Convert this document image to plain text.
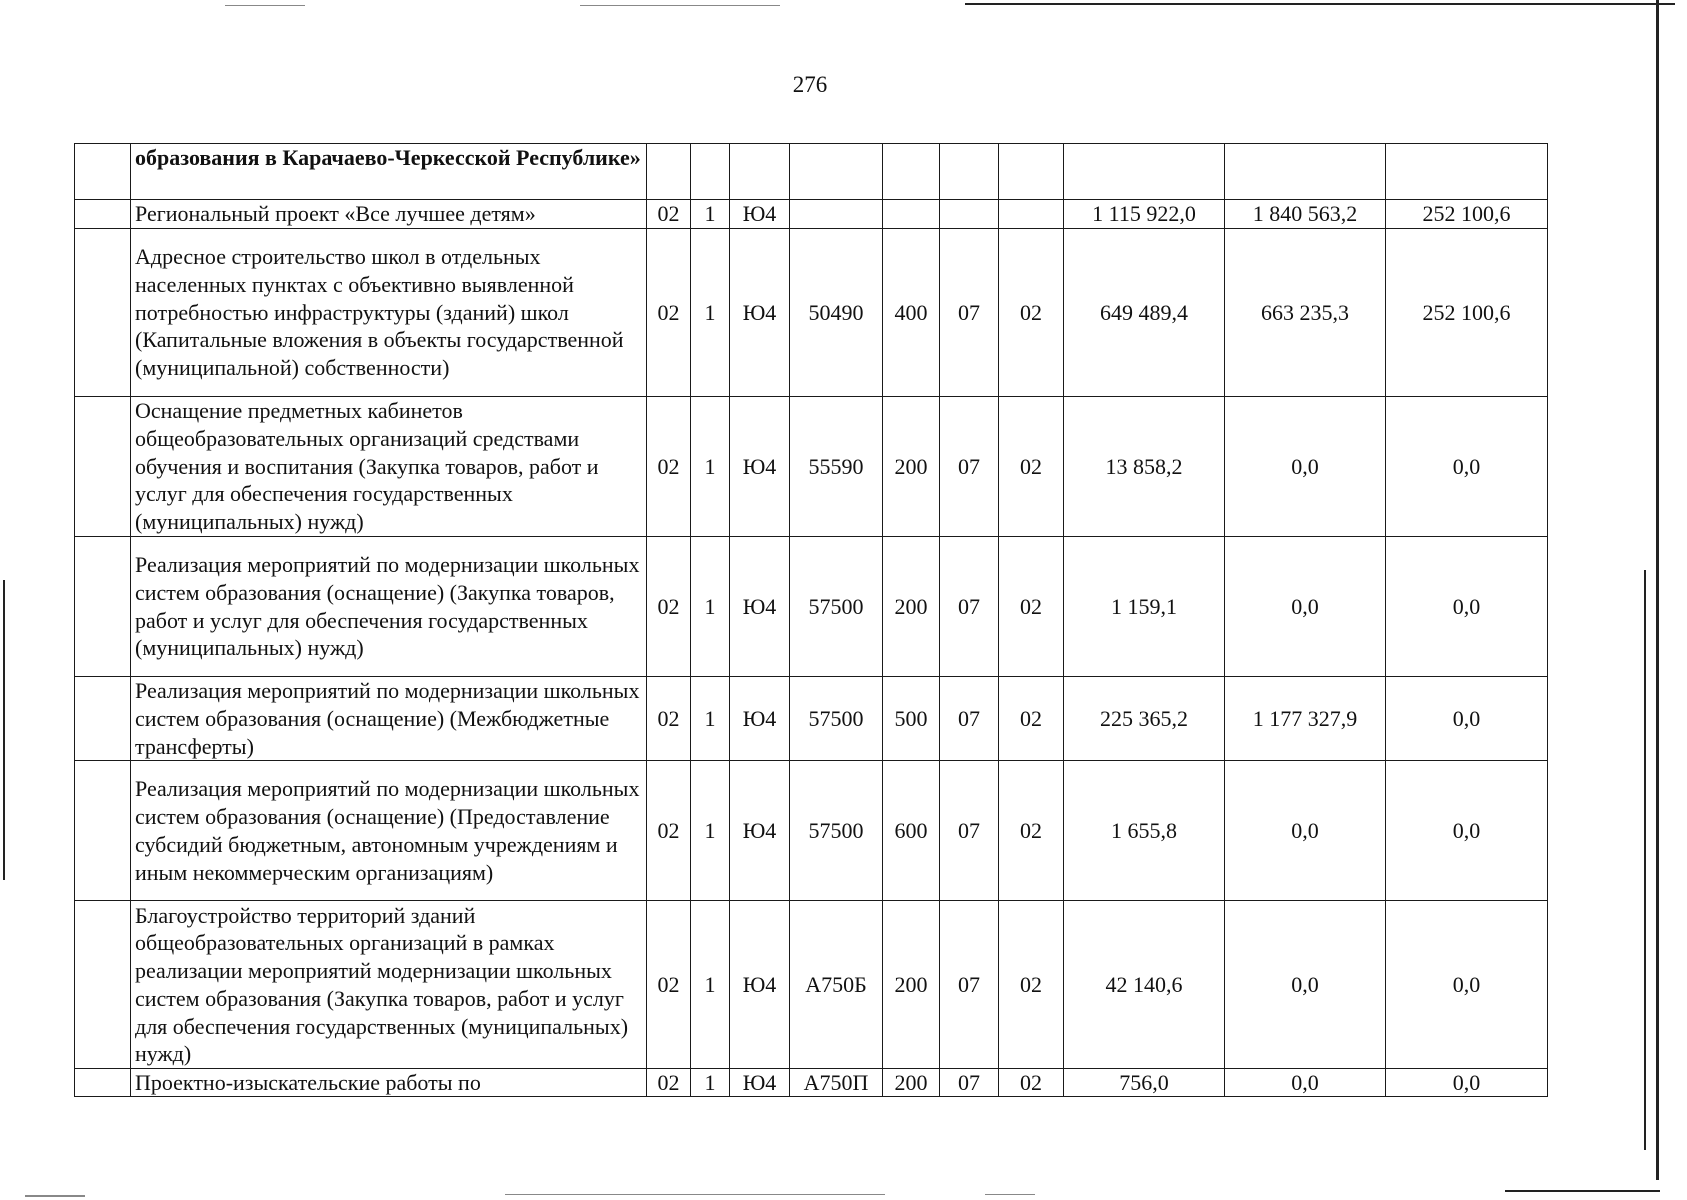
276
	образования в Карачаево-Черкесской Республике»										
	Региональный проект «Все лучшее детям»	02	1	Ю4					1 115 922,0	1 840 563,2	252 100,6
	Адресное строительство школ в отдельных населенных пунктах с объективно выявленной потребностью инфраструктуры (зданий) школ (Капитальные вложения в объекты государственной (муниципальной) собственности)	02	1	Ю4	50490	400	07	02	649 489,4	663 235,3	252 100,6
	Оснащение предметных кабинетов общеобразовательных организаций средствами обучения и воспитания (Закупка товаров, работ и услуг для обеспечения государственных (муниципальных) нужд)	02	1	Ю4	55590	200	07	02	13 858,2	0,0	0,0
	Реализация мероприятий по модернизации школьных систем образования (оснащение) (Закупка товаров, работ и услуг для обеспечения государственных (муниципальных) нужд)	02	1	Ю4	57500	200	07	02	1 159,1	0,0	0,0
	Реализация мероприятий по модернизации школьных систем образования (оснащение) (Межбюджетные трансферты)	02	1	Ю4	57500	500	07	02	225 365,2	1 177 327,9	0,0
	Реализация мероприятий по модернизации школьных систем образования (оснащение) (Предоставление субсидий бюджетным, автономным учреждениям и иным некоммерческим организациям)	02	1	Ю4	57500	600	07	02	1 655,8	0,0	0,0
	Благоустройство территорий зданий общеобразовательных организаций в рамках реализации мероприятий модернизации школьных систем образования (Закупка товаров, работ и услуг для обеспечения государственных (муниципальных) нужд)	02	1	Ю4	А750Б	200	07	02	42 140,6	0,0	0,0
	Проектно-изыскательские работы по	02	1	Ю4	А750П	200	07	02	756,0	0,0	0,0
